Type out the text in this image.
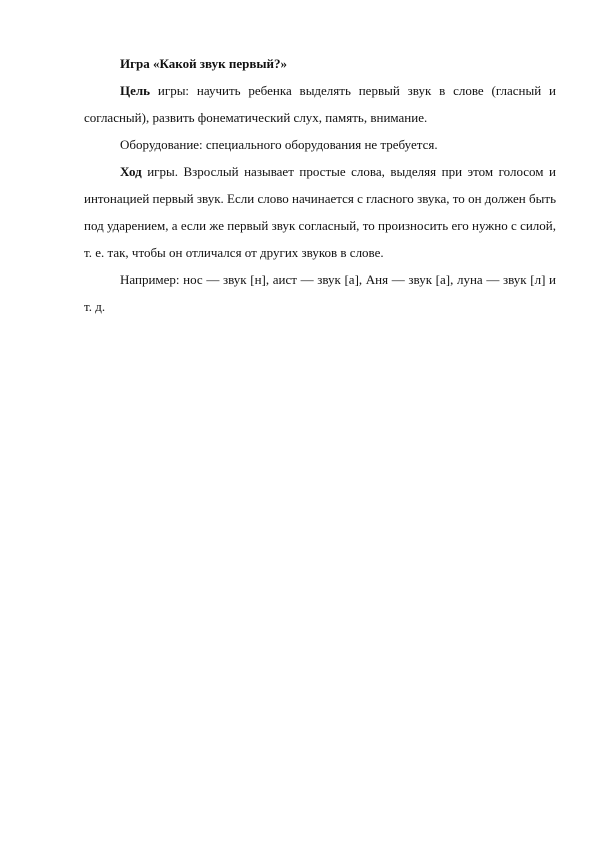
Игра «Какой звук первый?»

Цель игры: научить ребенка выделять первый звук в слове (гласный и согласный), развить фонематический слух, память, внимание.

Оборудование: специального оборудования не требуется.

Ход игры. Взрослый называет простые слова, выделяя при этом голосом и интонацией первый звук. Если слово начинается с гласного звука, то он должен быть под ударением, а если же первый звук согласный, то произносить его нужно с силой, т. е. так, чтобы он отличался от других звуков в слове.

Например: нос — звук [н], аист — звук [а], Аня — звук [а], луна — звук [л] и т. д.
